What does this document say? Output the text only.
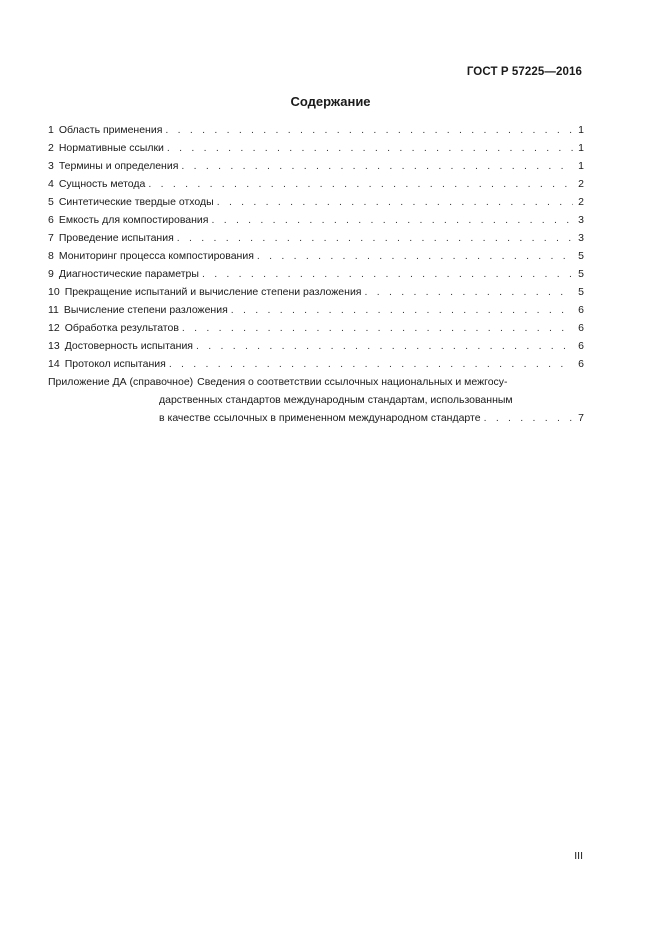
ГОСТ Р 57225—2016
Содержание
1 Область применения . . .	1
2 Нормативные ссылки . . .	1
3 Термины и определения . . .	1
4 Сущность метода . . .	2
5 Синтетические твердые отходы . . .	2
6 Емкость для компостирования . . .	3
7 Проведение испытания . . .	3
8 Мониторинг процесса компостирования . . .	5
9 Диагностические параметры . . .	5
10 Прекращение испытаний и вычисление степени разложения . . .	5
11 Вычисление степени разложения . . .	6
12 Обработка результатов . . .	6
13 Достоверность испытания . . .	6
14 Протокол испытания . . .	6
Приложение ДА (справочное) Сведения о соответствии ссылочных национальных и межгосу-
дарственных стандартов международным стандартам, использованным
в качестве ссылочных в примененном международном стандарте . . .	7
III
